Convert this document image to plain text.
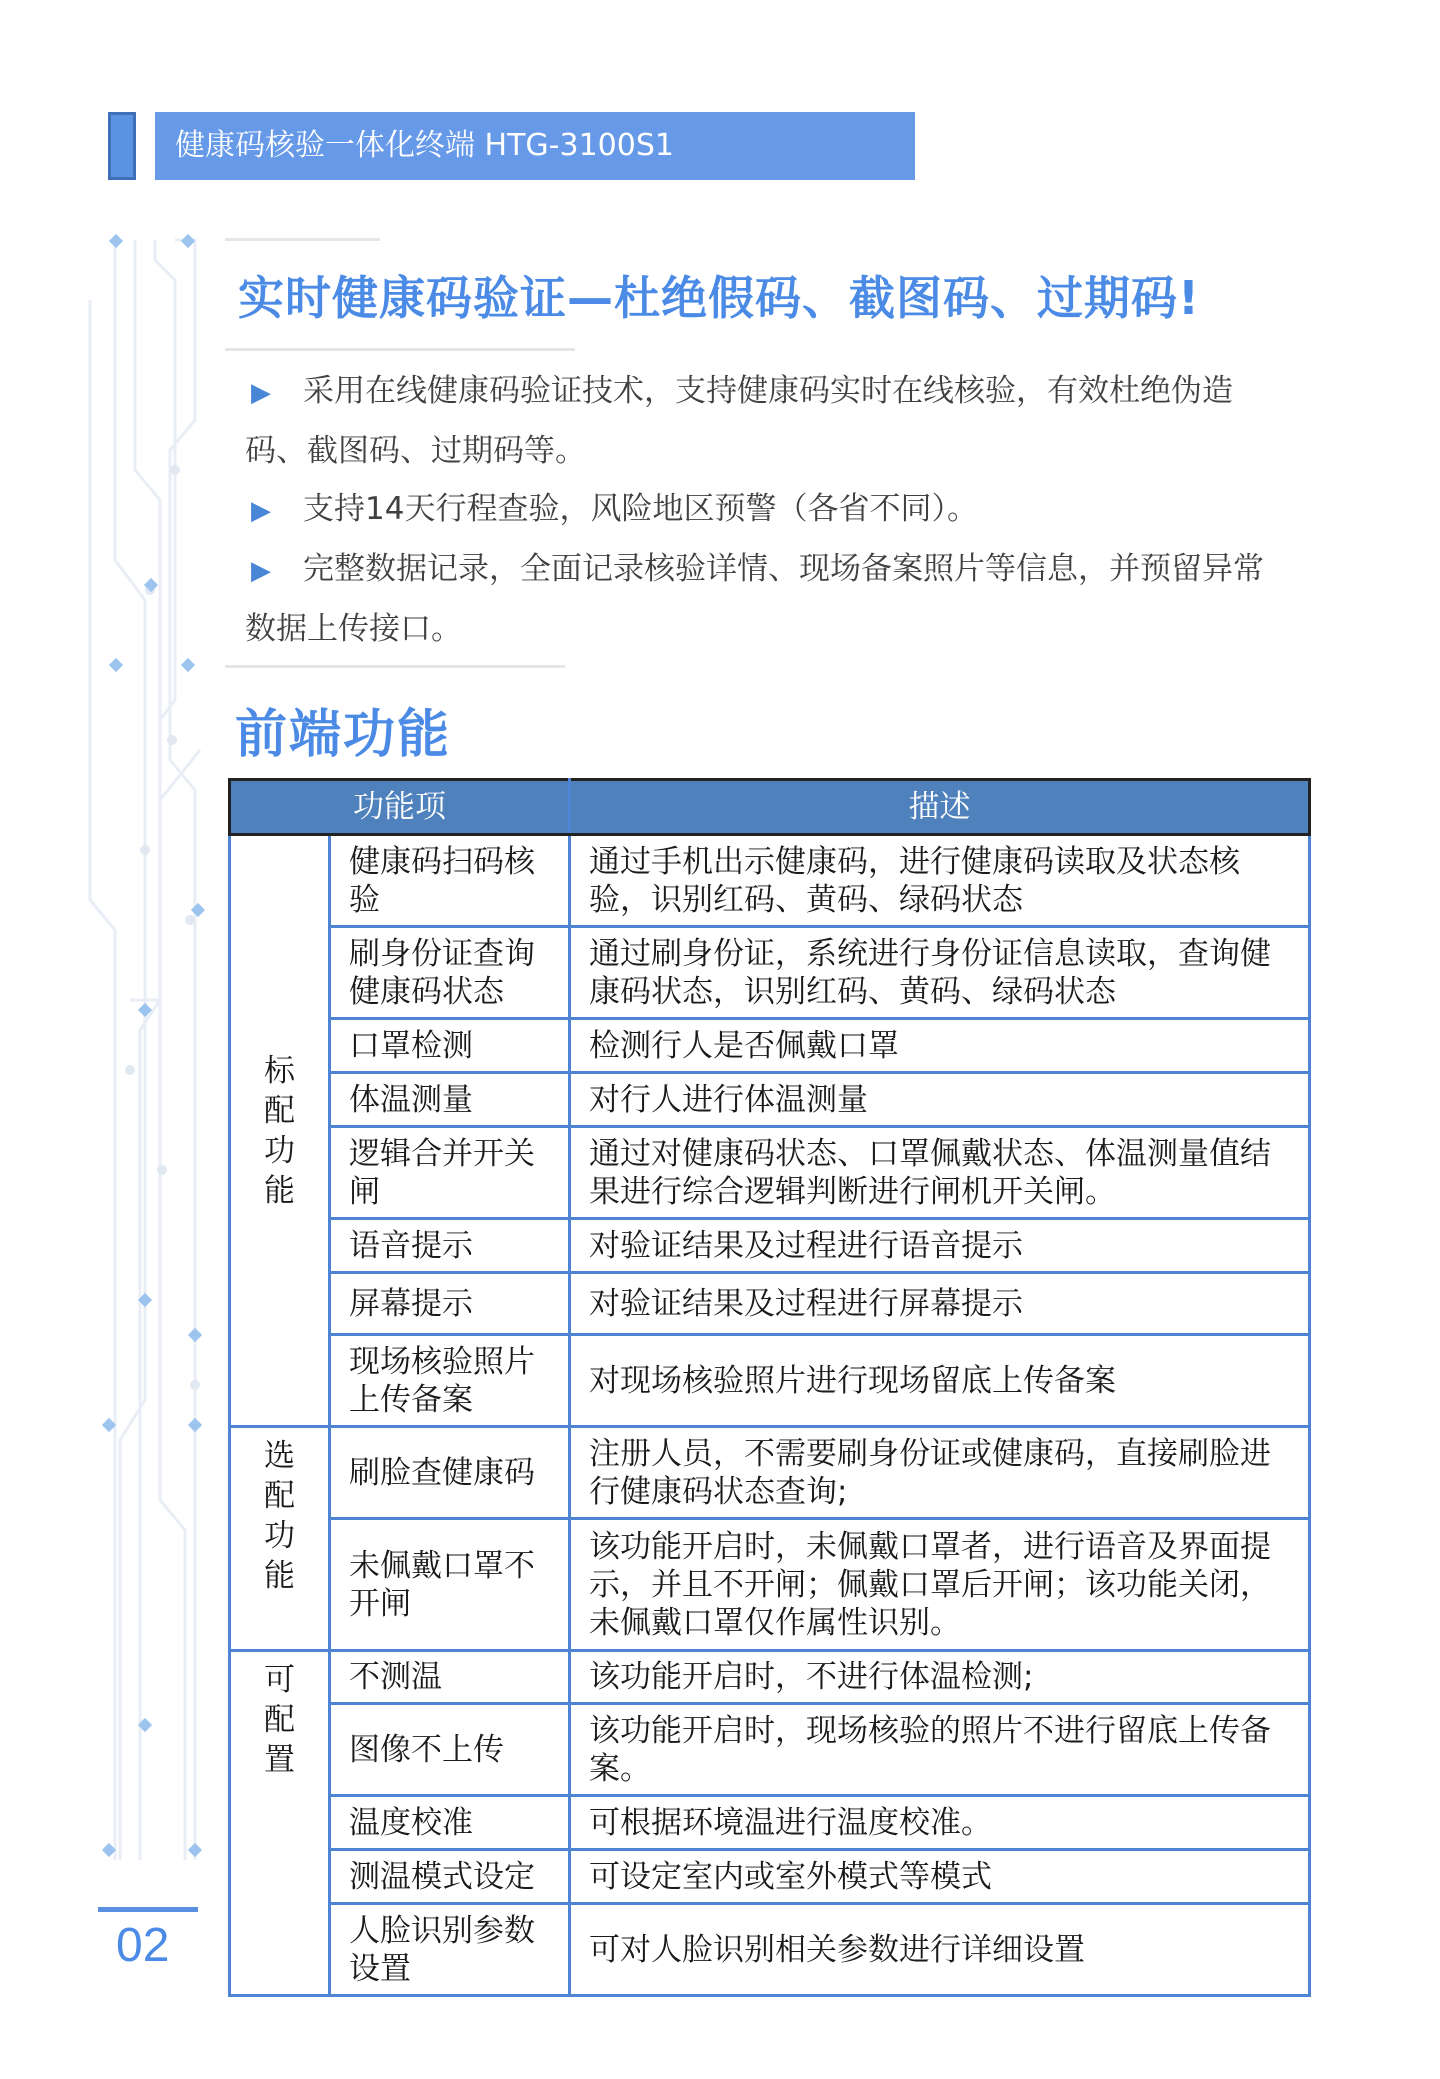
健康码核验一体化终端 HTG-3100S1
实时健康码验证—杜绝假码、截图码、过期码!
▶ 采用在线健康码验证技术，支持健康码实时在线核验，有效杜绝伪造码、截图码、过期码等。
▶ 支持14天行程查验，风险地区预警（各省不同）。
▶ 完整数据记录，全面记录核验详情、现场备案照片等信息，并预留异常数据上传接口。
前端功能
功能项		描述
标配功能	健康码扫码核验	通过手机出示健康码，进行健康码读取及状态核验，识别红码、黄码、绿码状态
	刷身份证查询健康码状态	通过刷身份证，系统进行身份证信息读取，查询健康码状态，识别红码、黄码、绿码状态
	口罩检测	检测行人是否佩戴口罩
	体温测量	对行人进行体温测量
	逻辑合并开关闸	通过对健康码状态、口罩佩戴状态、体温测量值结果进行综合逻辑判断进行闸机开关闸。
	语音提示	对验证结果及过程进行语音提示
	屏幕提示	对验证结果及过程进行屏幕提示
	现场核验照片上传备案	对现场核验照片进行现场留底上传备案
选配功能	刷脸查健康码	注册人员，不需要刷身份证或健康码，直接刷脸进行健康码状态查询;
	未佩戴口罩不开闸	该功能开启时，未佩戴口罩者，进行语音及界面提示，并且不开闸；佩戴口罩后开闸；该功能关闭，未佩戴口罩仅作属性识别。
可配置	不测温	该功能开启时，不进行体温检测;
	图像不上传	该功能开启时，现场核验的照片不进行留底上传备案。
	温度校准	可根据环境温进行温度校准。
	测温模式设定	可设定室内或室外模式等模式
	人脸识别参数设置	可对人脸识别相关参数进行详细设置
02
